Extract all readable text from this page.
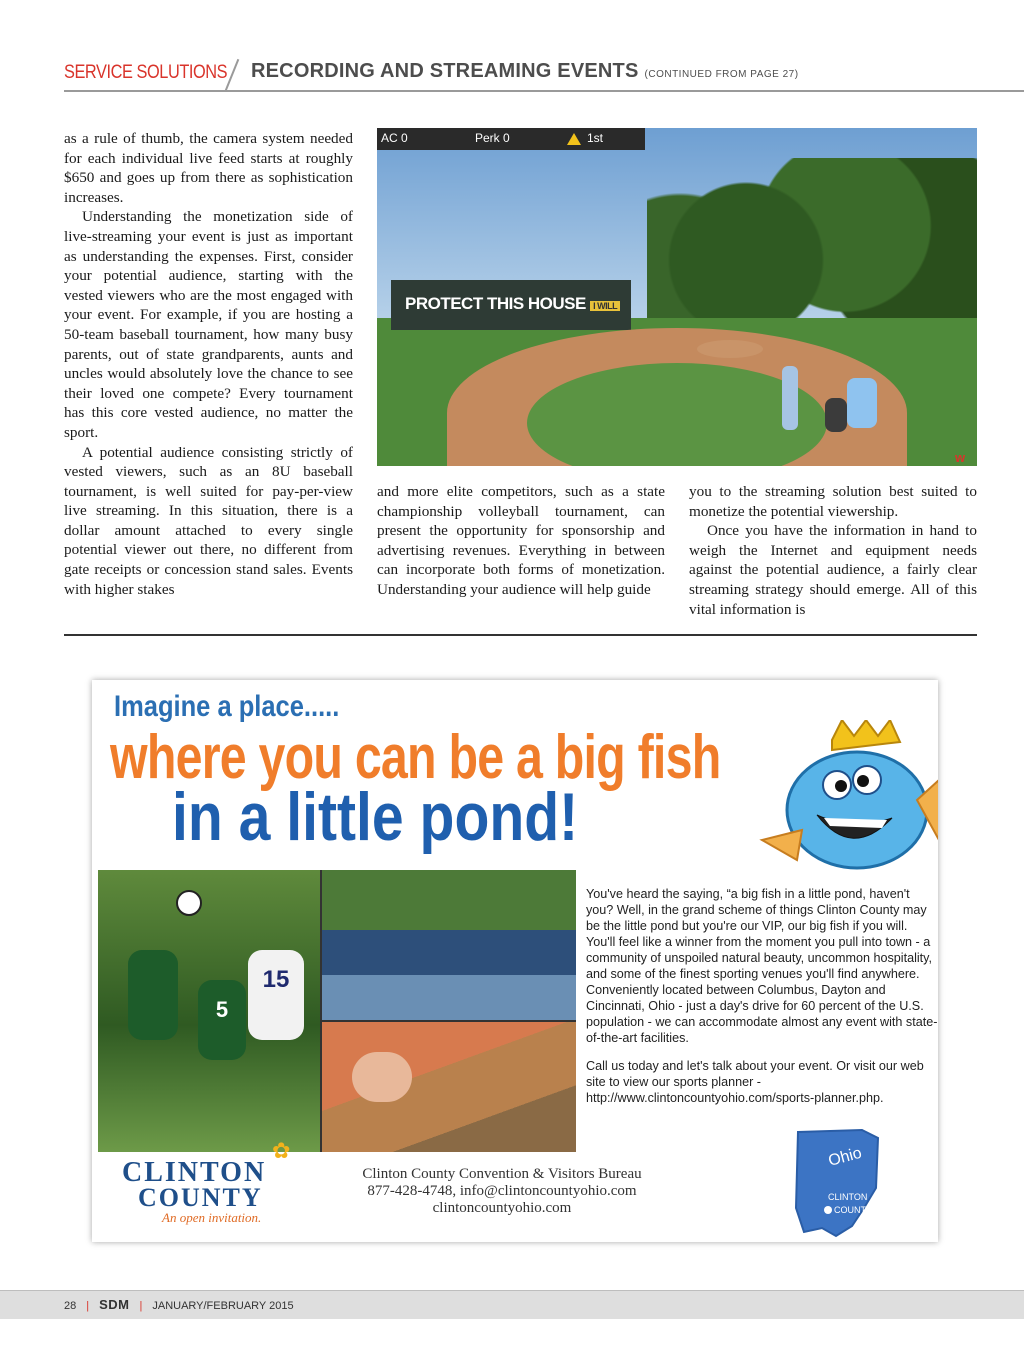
SERVICE SOLUTIONS RECORDING AND STREAMING EVENTS (CONTINUED FROM PAGE 27)

as a rule of thumb, the camera system needed for each individual live feed starts at roughly $650 and goes up from there as sophistication increases.

Understanding the monetization side of live-streaming your event is just as important as understanding the expenses. First, consider your potential audience, starting with the vested viewers who are the most engaged with your event. For example, if you are hosting a 50-team baseball tournament, how many busy parents, out of state grandparents, aunts and uncles would absolutely love the chance to see their loved one compete? Every tournament has this core vested audience, no matter the sport.

A potential audience consisting strictly of vested viewers, such as an 8U baseball tournament, is well suited for pay-per-view live streaming. In this situation, there is a dollar amount attached to every single potential viewer out there, no different from gate receipts or concession stand sales. Events with higher stakes

PROTECT THIS HOUSE I WILL
AC 0	Perk 0	1st
w

and more elite competitors, such as a state championship volleyball tournament, can present the opportunity for sponsorship and advertising revenues. Everything in between can incorporate both forms of monetization. Understanding your audience will help guide

you to the streaming solution best suited to monetize the potential viewership.

Once you have the information in hand to weigh the Internet and equipment needs against the potential audience, a fairly clear streaming strategy should emerge. All of this vital information is

Imagine a place.....
where you can be a big fish
in a little pond!
5
15

You've heard the saying, “a big fish in a little pond, haven't you? Well, in the grand scheme of things Clinton County may be the little pond but you're our VIP, our big fish if you will. You'll feel like a winner from the moment you pull into town - a community of unspoiled natural beauty, uncommon hospitality, and some of the finest sporting venues you'll find anywhere. Conveniently located between Columbus, Dayton and Cincinnati, Ohio - just a day's drive for 60 percent of the U.S. population - we can accommodate almost any event with state-of-the-art facilities.

Call us today and let's talk about your event. Or visit our web site to view our sports planner - http://www.clintoncountyohio.com/sports-planner.php.

✿
CLINTON
COUNTY
An open invitation.
Clinton County Convention & Visitors Bureau
877-428-4748, info@clintoncountyohio.com
clintoncountyohio.com
Ohio
CLINTON
COUNTY
28 | SDM | JANUARY/FEBRUARY 2015
